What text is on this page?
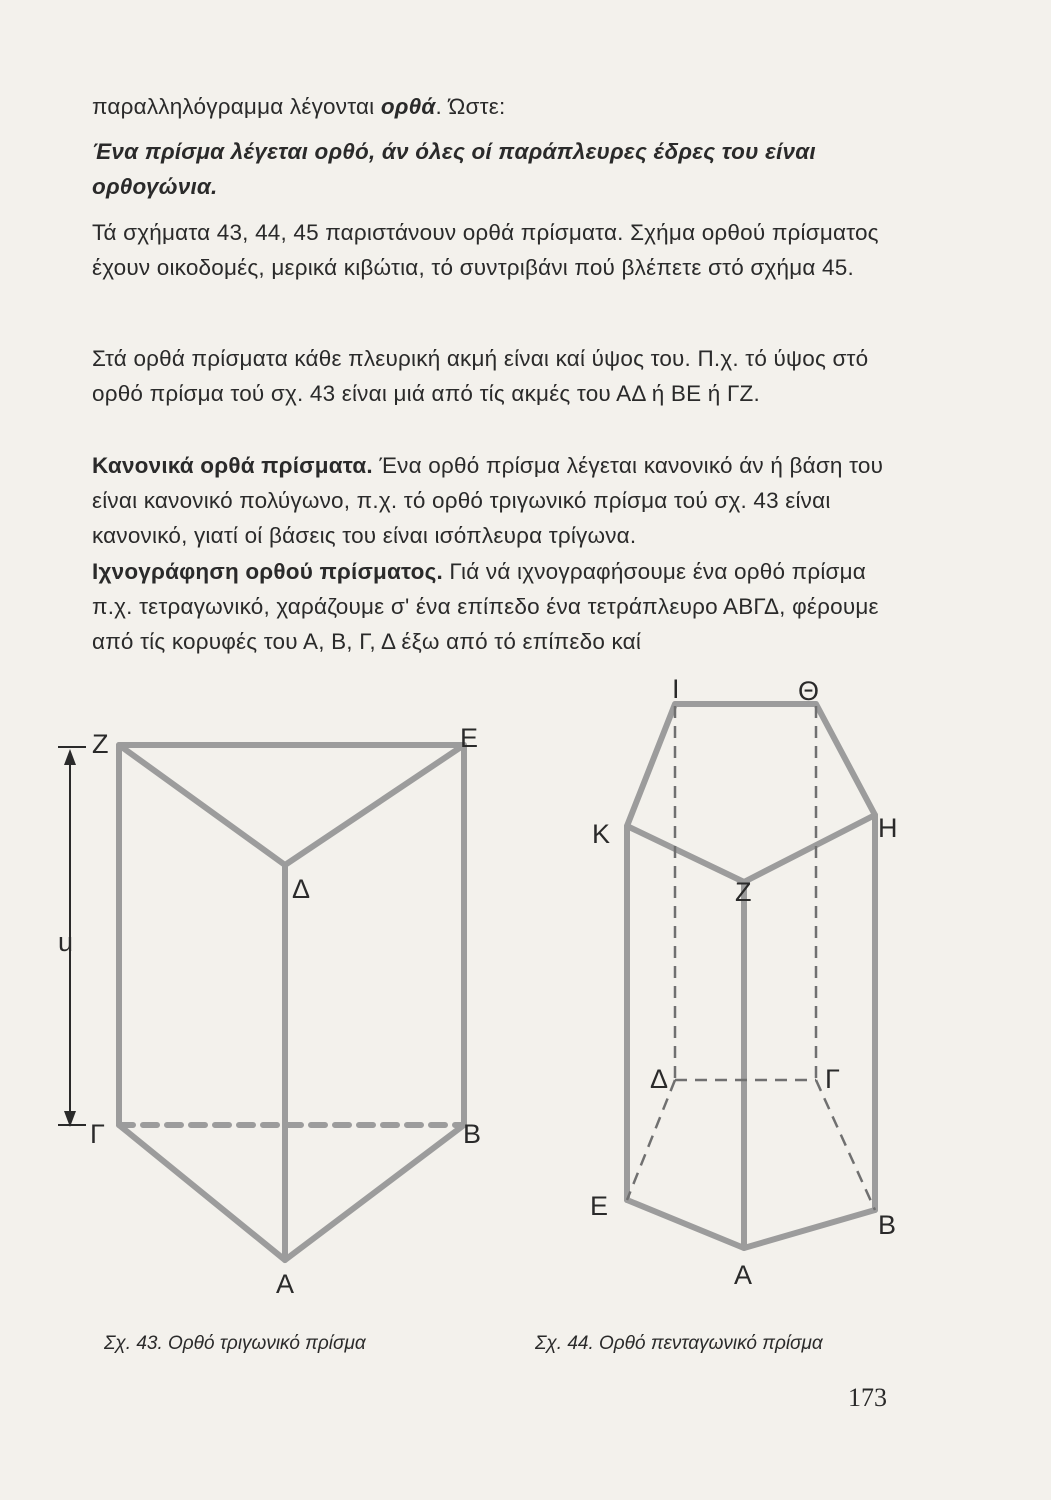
παραλληλόγραμμα λέγονται ορθά. Ώστε:

Ένα πρίσμα λέγεται ορθό, άν όλες οί παράπλευρες έδρες του είναι ορθογώνια.

Τά σχήματα 43, 44, 45 παριστάνουν ορθά πρίσματα. Σχήμα ορθού πρίσματος έχουν οικοδομές, μερικά κιβώτια, τό συντριβάνι πού βλέπετε στό σχήμα 45.

Στά ορθά πρίσματα κάθε πλευρική ακμή είναι καί ύψος του. Π.χ. τό ύψος στό ορθό πρίσμα τού σχ. 43 είναι μιά από τίς ακμές του ΑΔ ή ΒΕ ή ΓΖ.

Κανονικά ορθά πρίσματα. Ένα ορθό πρίσμα λέγεται κανονικό άν ή βάση του είναι κανονικό πολύγωνο, π.χ. τό ορθό τριγωνικό πρίσμα τού σχ. 43 είναι κανονικό, γιατί οί βάσεις του είναι ισόπλευρα τρίγωνα.

Ιχνογράφηση ορθού πρίσματος. Γιά νά ιχνογραφήσουμε ένα ορθό πρίσμα π.χ. τετραγωνικό, χαράζουμε σ' ένα επίπεδο ένα τετράπλευρο ΑΒΓΔ, φέρουμε από τίς κορυφές του Α, Β, Γ, Δ έξω από τό επίπεδο καί

Z	E
Δ
u
Γ	B
A
I	Θ
K	H
Z
Δ	Γ
E
B
A
Σχ. 43. Ορθό τριγωνικό πρίσμα	Σχ. 44. Ορθό πενταγωνικό πρίσμα
173
